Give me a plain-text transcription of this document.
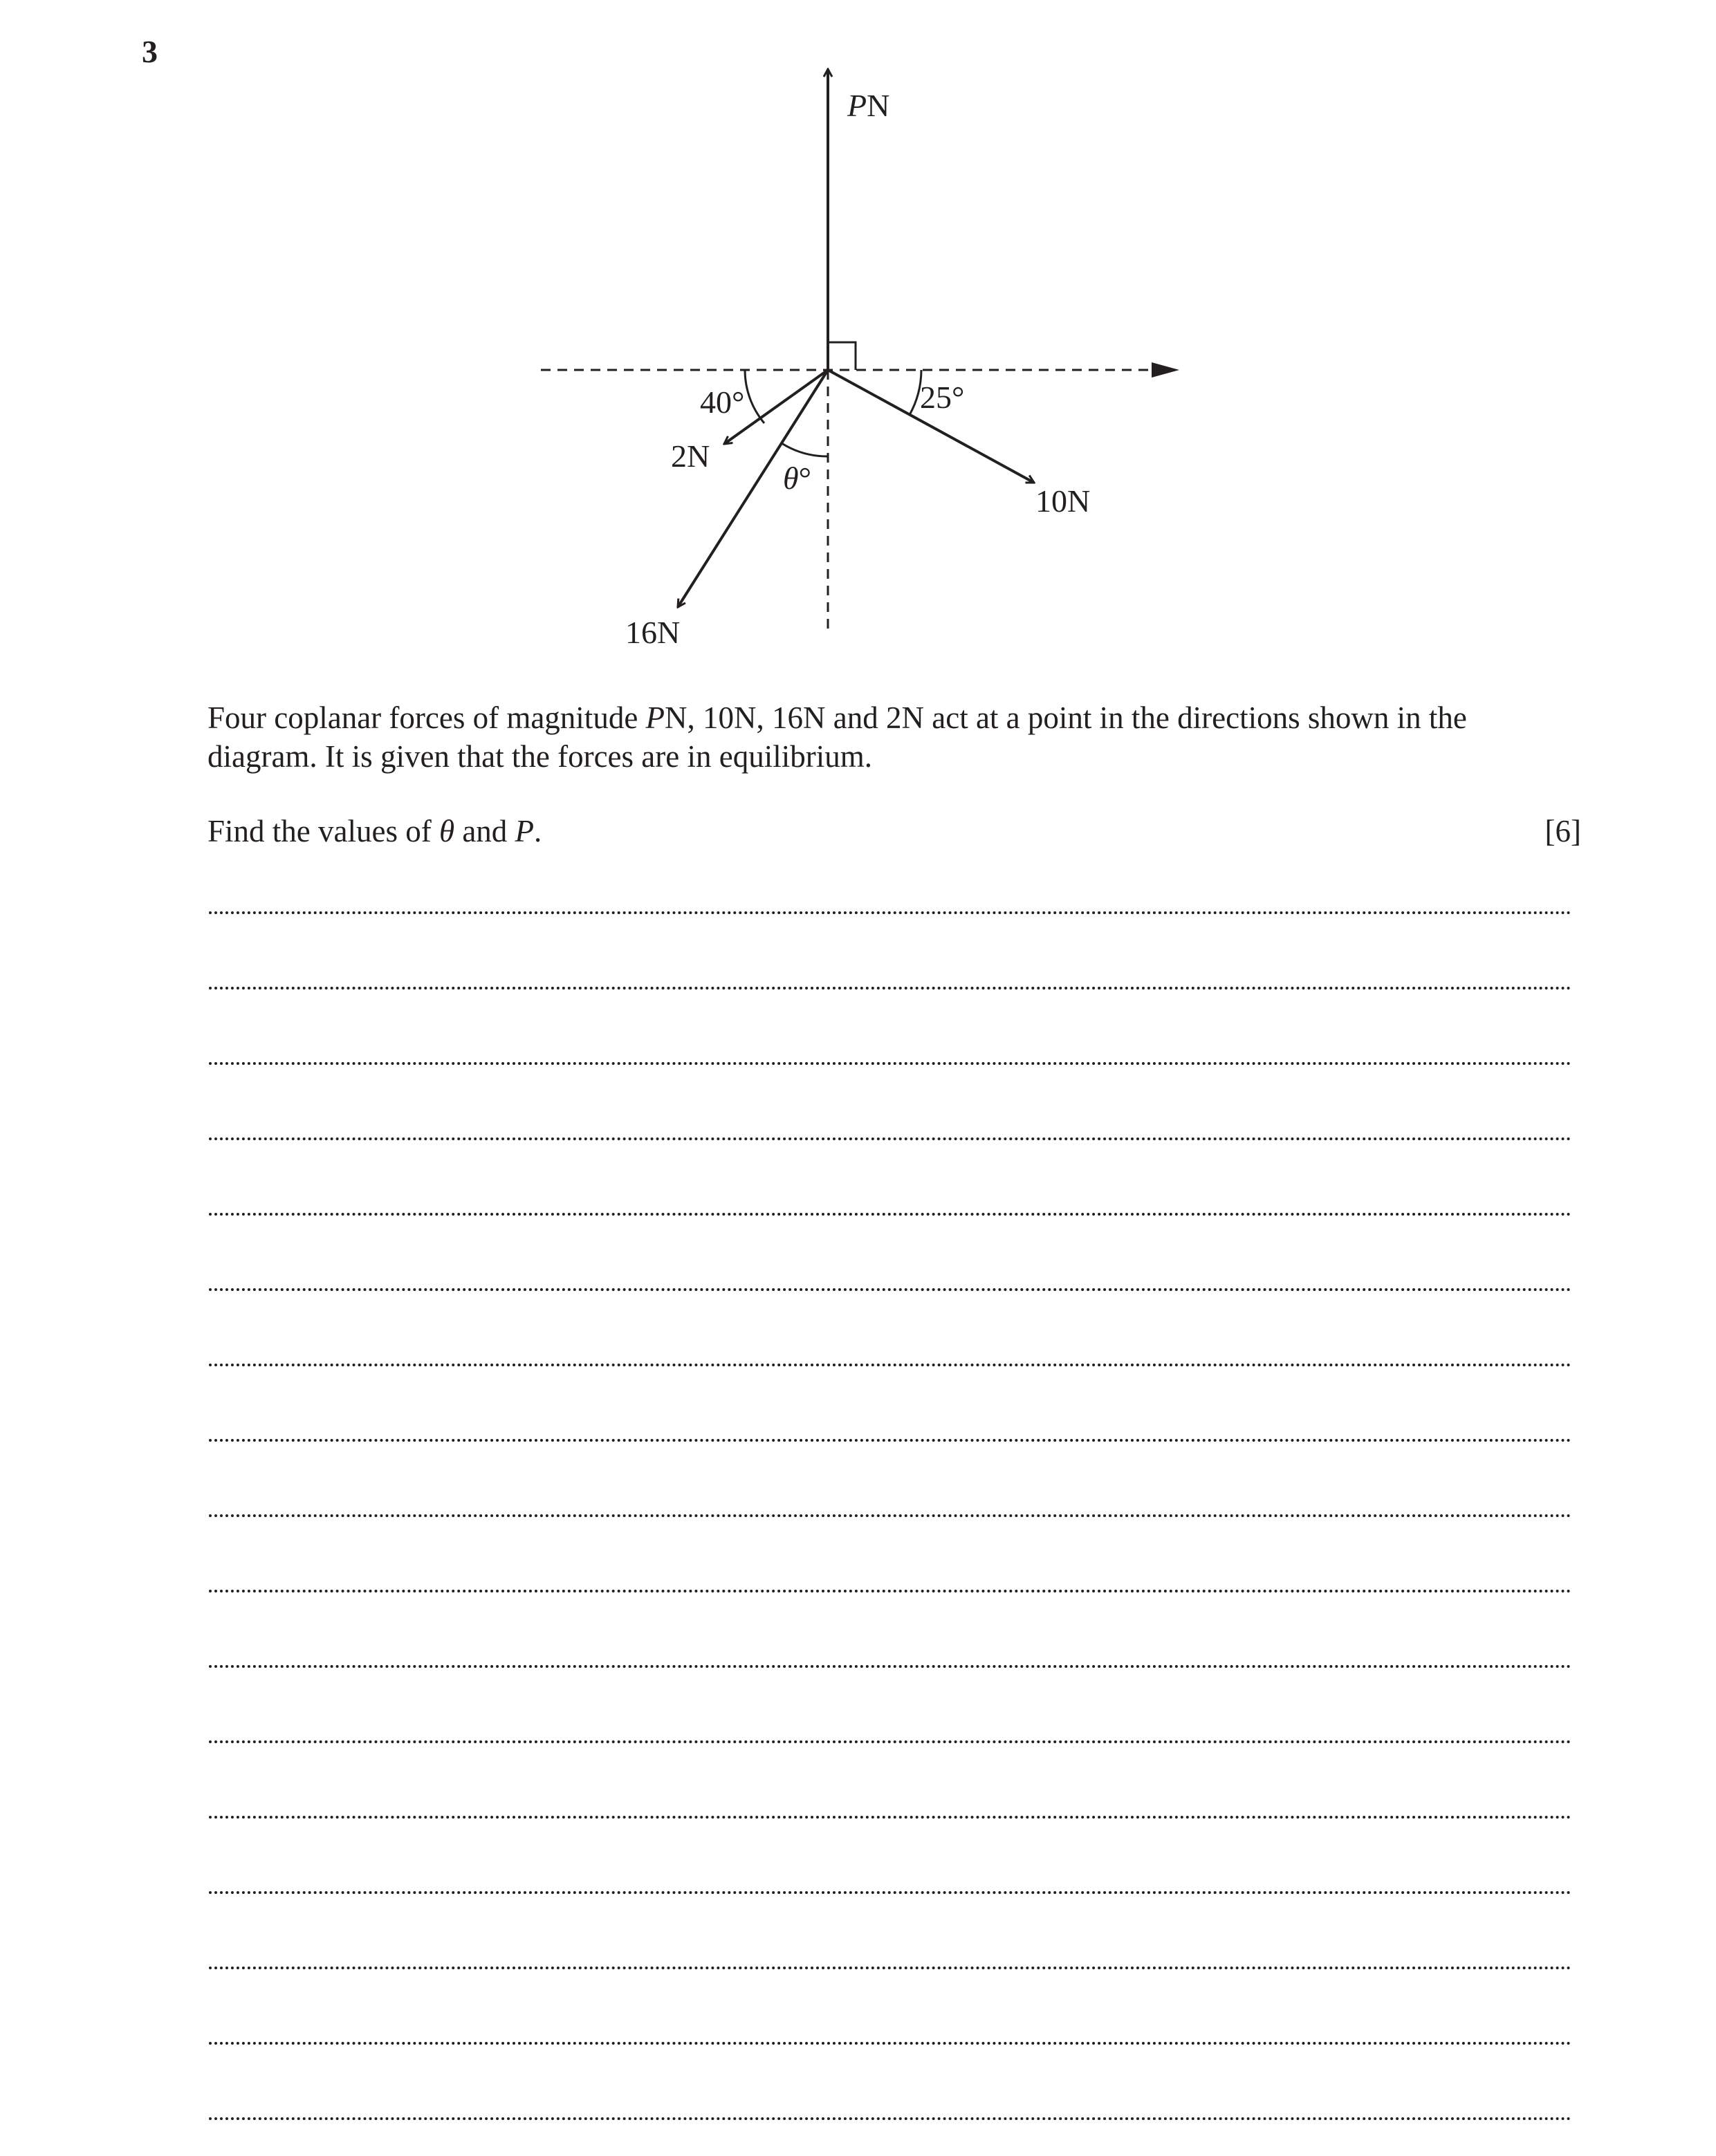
3
PN
10N
2N
16N
40°	25°
θ°
Four coplanar forces of magnitude PN, 10N, 16N and 2N act at a point in the directions shown in the diagram. It is given that the forces are in equilibrium.
Find the values of θ and P.	[6]
